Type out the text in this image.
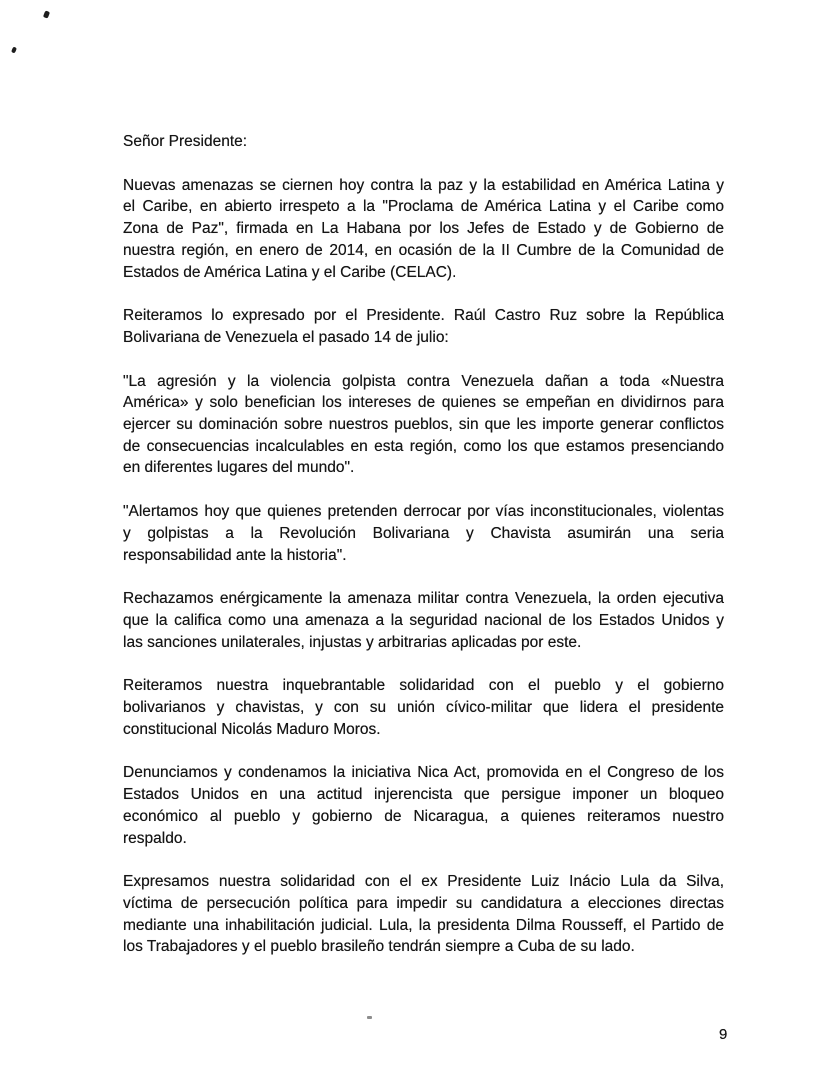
Señor Presidente:
Nuevas amenazas se ciernen hoy contra la paz y la estabilidad en América Latina y
el Caribe, en abierto irrespeto a la "Proclama de América Latina y el Caribe como
Zona de Paz", firmada en La Habana por los Jefes de Estado y de Gobierno de
nuestra región, en enero de 2014, en ocasión de la II Cumbre de la Comunidad de
Estados de América Latina y el Caribe (CELAC).
Reiteramos lo expresado por el Presidente. Raúl Castro Ruz sobre la República
Bolivariana de Venezuela el pasado 14 de julio:
"La agresión y la violencia golpista contra Venezuela dañan a toda «Nuestra
América» y solo benefician los intereses de quienes se empeñan en dividirnos para
ejercer su dominación sobre nuestros pueblos, sin que les importe generar conflictos
de consecuencias incalculables en esta región, como los que estamos presenciando
en diferentes lugares del mundo".
"Alertamos hoy que quienes pretenden derrocar por vías inconstitucionales, violentas
y golpistas a la Revolución Bolivariana y Chavista asumirán una seria
responsabilidad ante la historia".
Rechazamos enérgicamente la amenaza militar contra Venezuela, la orden ejecutiva
que la califica como una amenaza a la seguridad nacional de los Estados Unidos y
las sanciones unilaterales, injustas y arbitrarias aplicadas por este.
Reiteramos nuestra inquebrantable solidaridad con el pueblo y el gobierno
bolivarianos y chavistas, y con su unión cívico-militar que lidera el presidente
constitucional Nicolás Maduro Moros.
Denunciamos y condenamos la iniciativa Nica Act, promovida en el Congreso de los
Estados Unidos en una actitud injerencista que persigue imponer un bloqueo
económico al pueblo y gobierno de Nicaragua, a quienes reiteramos nuestro
respaldo.
Expresamos nuestra solidaridad con el ex Presidente Luiz Inácio Lula da Silva,
víctima de persecución política para impedir su candidatura a elecciones directas
mediante una inhabilitación judicial. Lula, la presidenta Dilma Rousseff, el Partido de
los Trabajadores y el pueblo brasileño tendrán siempre a Cuba de su lado.
9
